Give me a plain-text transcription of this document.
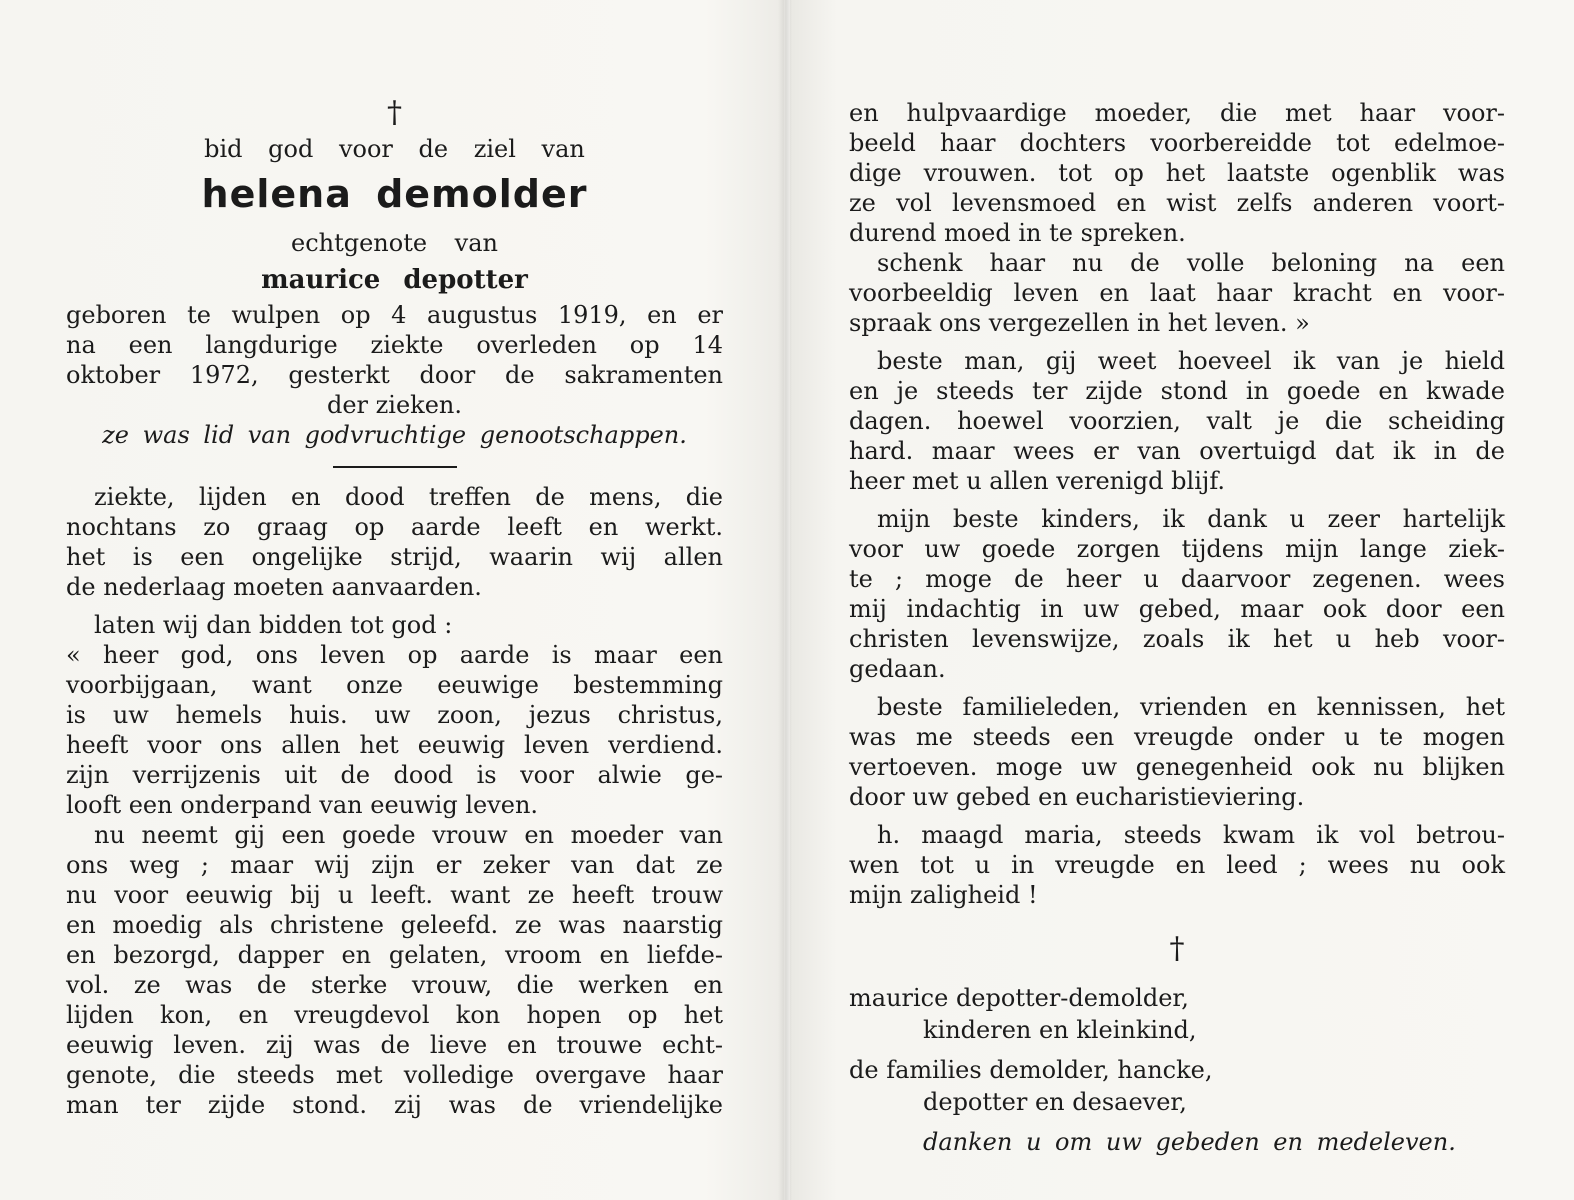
†
bid god voor de ziel van
helena demolder
echtgenote van
maurice depotter
geboren te wulpen op 4 augustus 1919, en er
na een langdurige ziekte overleden op 14
oktober 1972, gesterkt door de sakramenten
der zieken.
ze was lid van godvruchtige genootschappen.
ziekte, lijden en dood treffen de mens, die
nochtans zo graag op aarde leeft en werkt.
het is een ongelijke strijd, waarin wij allen
de nederlaag moeten aanvaarden.
laten wij dan bidden tot god :
« heer god, ons leven op aarde is maar een
voorbijgaan, want onze eeuwige bestemming
is uw hemels huis. uw zoon, jezus christus,
heeft voor ons allen het eeuwig leven verdiend.
zijn verrijzenis uit de dood is voor alwie ge-
looft een onderpand van eeuwig leven.
nu neemt gij een goede vrouw en moeder van
ons weg ; maar wij zijn er zeker van dat ze
nu voor eeuwig bij u leeft. want ze heeft trouw
en moedig als christene geleefd. ze was naarstig
en bezorgd, dapper en gelaten, vroom en liefde-
vol. ze was de sterke vrouw, die werken en
lijden kon, en vreugdevol kon hopen op het
eeuwig leven. zij was de lieve en trouwe echt-
genote, die steeds met volledige overgave haar
man ter zijde stond. zij was de vriendelijke
en hulpvaardige moeder, die met haar voor-
beeld haar dochters voorbereidde tot edelmoe-
dige vrouwen. tot op het laatste ogenblik was
ze vol levensmoed en wist zelfs anderen voort-
durend moed in te spreken.
schenk haar nu de volle beloning na een
voorbeeldig leven en laat haar kracht en voor-
spraak ons vergezellen in het leven. »
beste man, gij weet hoeveel ik van je hield
en je steeds ter zijde stond in goede en kwade
dagen. hoewel voorzien, valt je die scheiding
hard. maar wees er van overtuigd dat ik in de
heer met u allen verenigd blijf.
mijn beste kinders, ik dank u zeer hartelijk
voor uw goede zorgen tijdens mijn lange ziek-
te ; moge de heer u daarvoor zegenen. wees
mij indachtig in uw gebed, maar ook door een
christen levenswijze, zoals ik het u heb voor-
gedaan.
beste familieleden, vrienden en kennissen, het
was me steeds een vreugde onder u te mogen
vertoeven. moge uw genegenheid ook nu blijken
door uw gebed en eucharistieviering.
h. maagd maria, steeds kwam ik vol betrou-
wen tot u in vreugde en leed ; wees nu ook
mijn zaligheid !
†
maurice depotter-demolder,
kinderen en kleinkind,
de families demolder, hancke,
depotter en desaever,
danken u om uw gebeden en medeleven.
